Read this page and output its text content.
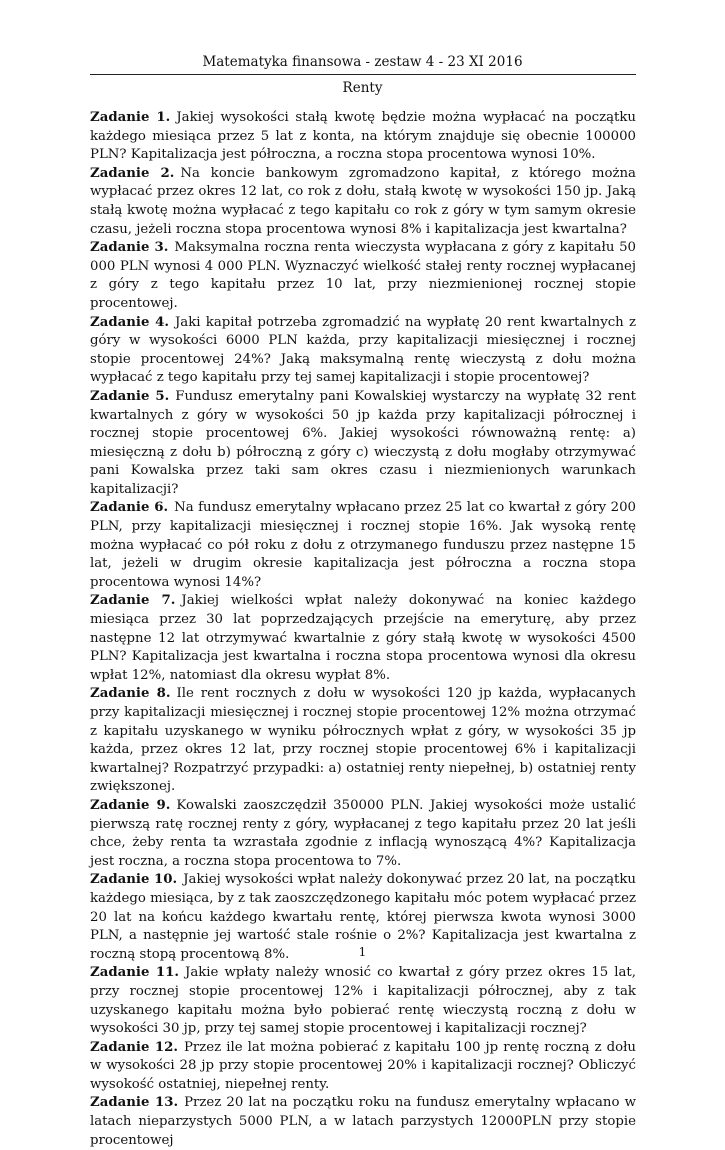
Matematyka finansowa - zestaw 4 - 23 XI 2016
Renty

Zadanie 1. Jakiej wysokości stałą kwotę będzie można wypłacać na początku każdego miesiąca przez 5 lat z konta, na którym znajduje się obecnie 100000 PLN? Kapitalizacja jest półroczna, a roczna stopa procentowa wynosi 10%.

Zadanie 2. Na koncie bankowym zgromadzono kapitał, z którego można wypłacać przez okres 12 lat, co rok z dołu, stałą kwotę w wysokości 150 jp. Jaką stałą kwotę można wypłacać z tego kapitału co rok z góry w tym samym okresie czasu, jeżeli roczna stopa procentowa wynosi 8% i kapitalizacja jest kwartalna?

Zadanie 3. Maksymalna roczna renta wieczysta wypłacana z góry z kapitału 50 000 PLN wynosi 4 000 PLN. Wyznaczyć wielkość stałej renty rocznej wypłacanej z góry z tego kapitału przez 10 lat, przy niezmienionej rocznej stopie procentowej.

Zadanie 4. Jaki kapitał potrzeba zgromadzić na wypłatę 20 rent kwartalnych z góry w wysokości 6000 PLN każda, przy kapitalizacji miesięcznej i rocznej stopie procentowej 24%? Jaką maksymalną rentę wieczystą z dołu można wypłacać z tego kapitału przy tej samej kapitalizacji i stopie procentowej?

Zadanie 5. Fundusz emerytalny pani Kowalskiej wystarczy na wypłatę 32 rent kwartalnych z góry w wysokości 50 jp każda przy kapitalizacji półrocznej i rocznej stopie procentowej 6%. Jakiej wysokości równoważną rentę: a) miesięczną z dołu b) półroczną z góry c) wieczystą z dołu mogłaby otrzymywać pani Kowalska przez taki sam okres czasu i niezmienionych warunkach kapitalizacji?

Zadanie 6. Na fundusz emerytalny wpłacano przez 25 lat co kwartał z góry 200 PLN, przy kapitalizacji miesięcznej i rocznej stopie 16%. Jak wysoką rentę można wypłacać co pół roku z dołu z otrzymanego funduszu przez następne 15 lat, jeżeli w drugim okresie kapitalizacja jest półroczna a roczna stopa procentowa wynosi 14%?

Zadanie 7. Jakiej wielkości wpłat należy dokonywać na koniec każdego miesiąca przez 30 lat poprzedzających przejście na emeryturę, aby przez następne 12 lat otrzymywać kwartalnie z góry stałą kwotę w wysokości 4500 PLN? Kapitalizacja jest kwartalna i roczna stopa procentowa wynosi dla okresu wpłat 12%, natomiast dla okresu wypłat 8%.

Zadanie 8. Ile rent rocznych z dołu w wysokości 120 jp każda, wypłacanych przy kapitalizacji miesięcznej i rocznej stopie procentowej 12% można otrzymać z kapitału uzyskanego w wyniku półrocznych wpłat z góry, w wysokości 35 jp każda, przez okres 12 lat, przy rocznej stopie procentowej 6% i kapitalizacji kwartalnej? Rozpatrzyć przypadki: a) ostatniej renty niepełnej, b) ostatniej renty zwiększonej.

Zadanie 9. Kowalski zaoszczędził 350000 PLN. Jakiej wysokości może ustalić pierwszą ratę rocznej renty z góry, wypłacanej z tego kapitału przez 20 lat jeśli chce, żeby renta ta wzrastała zgodnie z inflacją wynoszącą 4%? Kapitalizacja jest roczna, a roczna stopa procentowa to 7%.

Zadanie 10. Jakiej wysokości wpłat należy dokonywać przez 20 lat, na początku każdego miesiąca, by z tak zaoszczędzonego kapitału móc potem wypłacać przez 20 lat na końcu każdego kwartału rentę, której pierwsza kwota wynosi 3000 PLN, a następnie jej wartość stale rośnie o 2%? Kapitalizacja jest kwartalna z roczną stopą procentową 8%.

Zadanie 11. Jakie wpłaty należy wnosić co kwartał z góry przez okres 15 lat, przy rocznej stopie procentowej 12% i kapitalizacji półrocznej, aby z tak uzyskanego kapitału można było pobierać rentę wieczystą roczną z dołu w wysokości 30 jp, przy tej samej stopie procentowej i kapitalizacji rocznej?

Zadanie 12. Przez ile lat można pobierać z kapitału 100 jp rentę roczną z dołu w wysokości 28 jp przy stopie procentowej 20% i kapitalizacji rocznej? Obliczyć wysokość ostatniej, niepełnej renty.

Zadanie 13. Przez 20 lat na początku roku na fundusz emerytalny wpłacano w latach nieparzystych 5000 PLN, a w latach parzystych 12000PLN przy stopie procentowej

1
